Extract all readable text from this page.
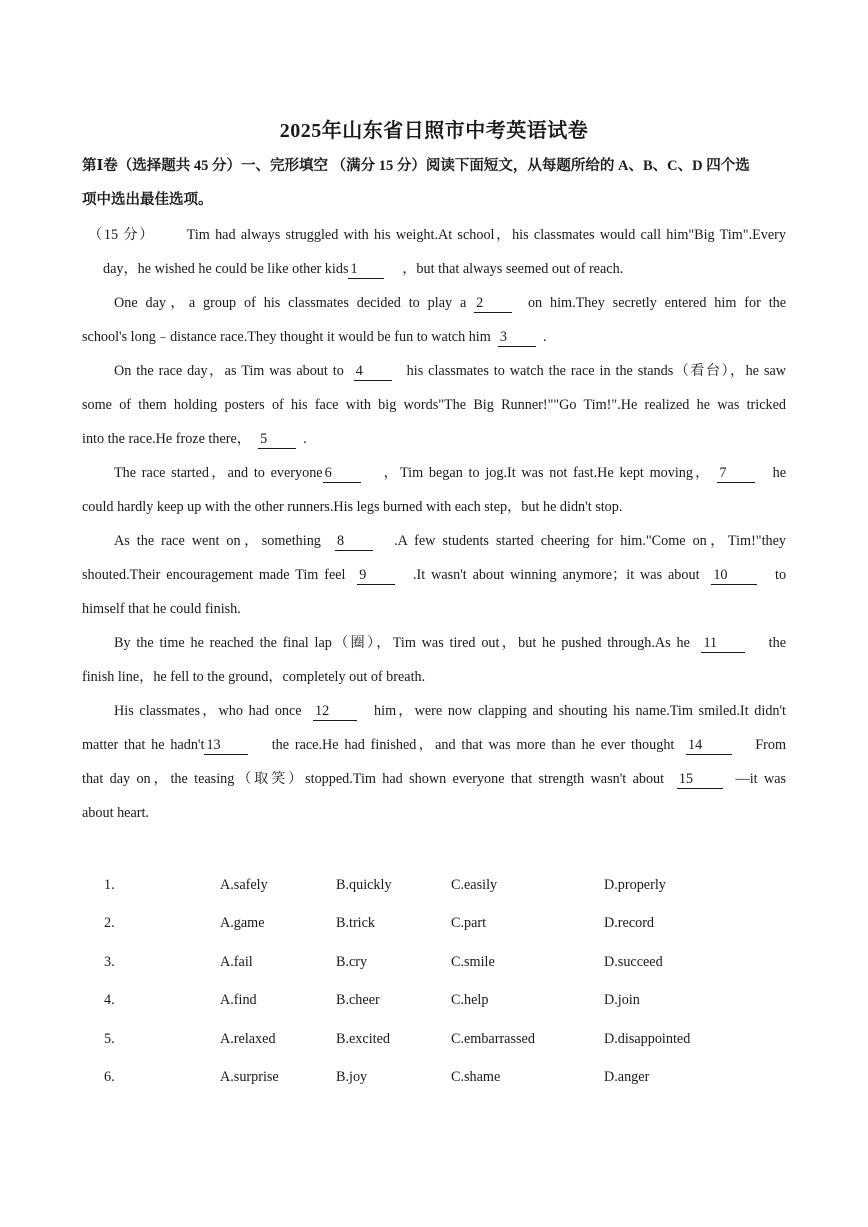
2025年山东省日照市中考英语试卷
第Ⅰ卷（选择题共 45 分）一、完形填空 （满分 15 分）阅读下面短文，从每题所给的 A、B、C、D 四个选
项中选出最佳选项。
（15 分） Tim had always struggled with his weight.At school，his classmates would call him"Big Tim".Every
day，he wished he could be like other kids 1	，but that always seemed out of reach.
One day，a group of his classmates decided to play a 2	on him.They secretly entered him for the
school's long﹣distance race.They thought it would be fun to watch him 3	.
On the race day，as Tim was about to 4	his classmates to watch the race in the stands（看台），he saw
some of them holding posters of his face with big words"The Big Runner!""Go Tim!".He realized he was tricked
into the race.He froze there， 5	.
The race started，and to everyone 6	，Tim began to jog.It was not fast.He kept moving， 7	he
could hardly keep up with the other runners.His legs burned with each step，but he didn't stop.
As the race went on，something 8	.A few students started cheering for him."Come on，Tim!"they
shouted.Their encouragement made Tim feel 9	.It wasn't about winning anymore；it was about 10	to
himself that he could finish.
By the time he reached the final lap（圈），Tim was tired out，but he pushed through.As he 11	the
finish line，he fell to the ground，completely out of breath.
His classmates，who had once 12	him，were now clapping and shouting his name.Tim smiled.It didn't
matter that he hadn't 13	the race.He had finished，and that was more than he ever thought 14	From
that day on，the teasing（取笑）stopped.Tim had shown everyone that strength wasn't about 15	—it was
about heart.
1.	A.safely	B.quickly	C.easily	D.properly
2.	A.game	B.trick	C.part	D.record
3.	A.fail	B.cry	C.smile	D.succeed
4.	A.find	B.cheer	C.help	D.join
5.	A.relaxed	B.excited	C.embarrassed	D.disappointed
6.	A.surprise	B.joy	C.shame	D.anger
